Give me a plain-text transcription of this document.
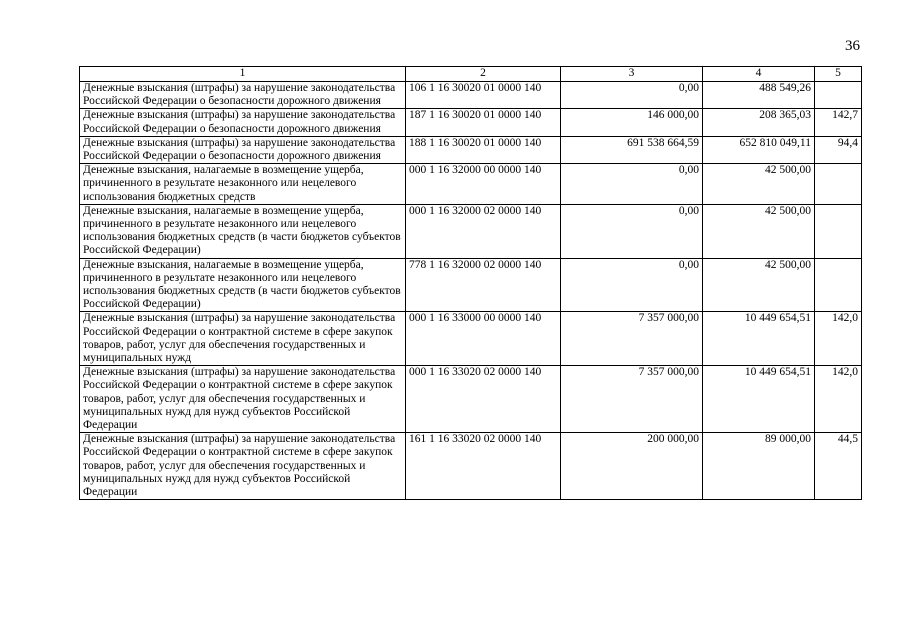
36
1	2	3	4	5
Денежные взыскания (штрафы) за нарушение законодательства Российской Федерации о безопасности дорожного движения	106 1 16 30020 01 0000 140	0,00	488 549,26	
Денежные взыскания (штрафы) за нарушение законодательства Российской Федерации о безопасности дорожного движения	187 1 16 30020 01 0000 140	146 000,00	208 365,03	142,7
Денежные взыскания (штрафы) за нарушение законодательства Российской Федерации о безопасности дорожного движения	188 1 16 30020 01 0000 140	691 538 664,59	652 810 049,11	94,4
Денежные взыскания, налагаемые в возмещение ущерба, причиненного в результате незаконного или нецелевого использования бюджетных средств	000 1 16 32000 00 0000 140	0,00	42 500,00	
Денежные взыскания, налагаемые в возмещение ущерба, причиненного в результате незаконного или нецелевого использования бюджетных средств (в части бюджетов субъектов Российской Федерации)	000 1 16 32000 02 0000 140	0,00	42 500,00	
Денежные взыскания, налагаемые в возмещение ущерба, причиненного в результате незаконного или нецелевого использования бюджетных средств (в части бюджетов субъектов Российской Федерации)	778 1 16 32000 02 0000 140	0,00	42 500,00	
Денежные взыскания (штрафы) за нарушение законодательства Российской Федерации о контрактной системе в сфере закупок товаров, работ, услуг для обеспечения государственных и муниципальных нужд	000 1 16 33000 00 0000 140	7 357 000,00	10 449 654,51	142,0
Денежные взыскания (штрафы) за нарушение законодательства Российской Федерации о контрактной системе в сфере закупок товаров, работ, услуг для обеспечения государственных и муниципальных нужд для нужд субъектов Российской Федерации	000 1 16 33020 02 0000 140	7 357 000,00	10 449 654,51	142,0
Денежные взыскания (штрафы) за нарушение законодательства Российской Федерации о контрактной системе в сфере закупок товаров, работ, услуг для обеспечения государственных и муниципальных нужд для нужд субъектов Российской Федерации	161 1 16 33020 02 0000 140	200 000,00	89 000,00	44,5
